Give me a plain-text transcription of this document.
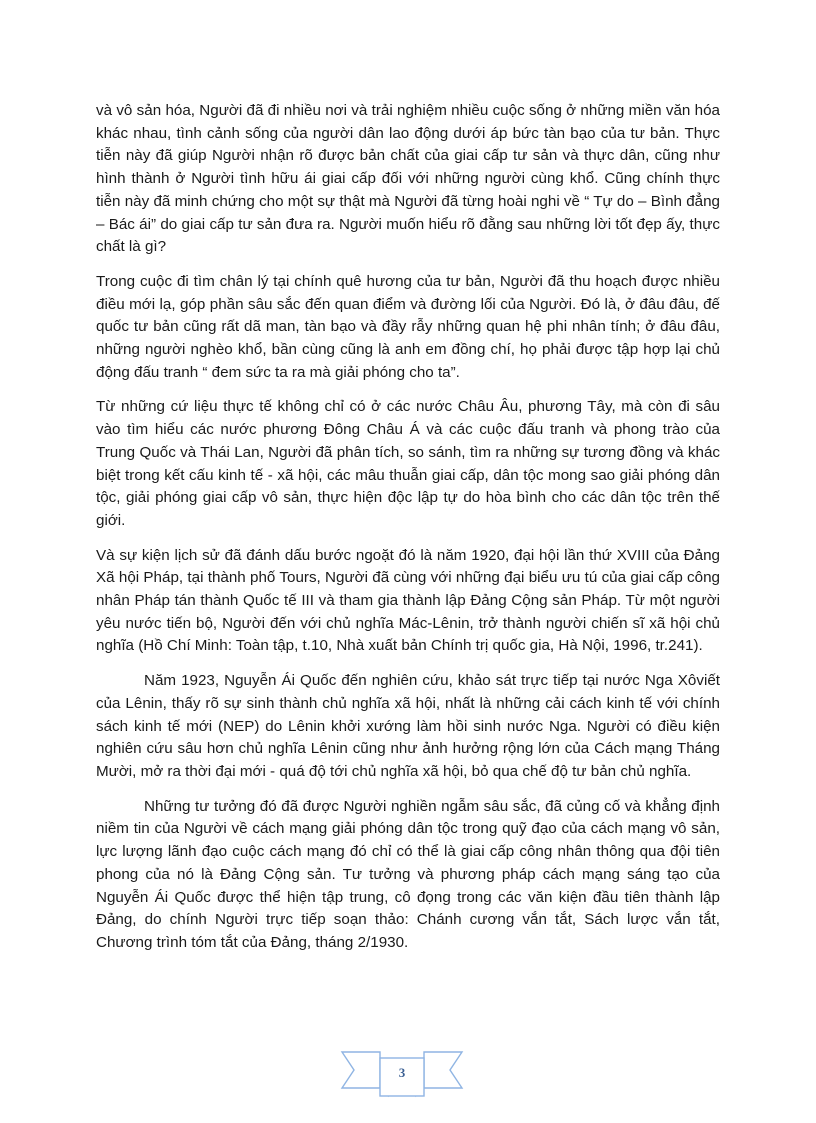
và vô sản hóa, Người đã đi nhiều nơi và trải nghiệm nhiều cuộc sống ở những miền văn hóa khác nhau, tình cảnh sống của người dân lao động dưới áp bức tàn bạo của tư bản. Thực tiễn này đã giúp Người nhận rõ được bản chất của giai cấp tư sản và thực dân, cũng như hình thành ở Người tình hữu ái giai cấp đối với những người cùng khổ. Cũng chính thực tiễn này đã minh chứng cho một sự thật mà Người đã từng hoài nghi về “ Tự do – Bình đẳng – Bác ái” do giai cấp tư sản đưa ra. Người muốn hiểu rõ đằng sau những lời tốt đẹp ấy, thực chất là gì?

Trong cuộc đi tìm chân lý tại chính quê hương của tư bản, Người đã thu hoạch được nhiều điều mới lạ, góp phần sâu sắc đến quan điểm và đường lối của Người. Đó là, ở đâu đâu, đế quốc tư bản cũng rất dã man, tàn bạo và đầy rẫy những quan hệ phi nhân tính; ở đâu đâu, những người nghèo khổ, bần cùng cũng là anh em đồng chí, họ phải được tập hợp lại chủ động đấu tranh “ đem sức ta ra mà giải phóng cho ta”.

Từ những cứ liệu thực tế không chỉ có ở các nước Châu Âu, phương Tây, mà còn đi sâu vào tìm hiểu các nước phương Đông Châu Á và các cuộc đấu tranh và phong trào của Trung Quốc và Thái Lan, Người đã phân tích, so sánh, tìm ra những sự tương đồng và khác biệt trong kết cấu kinh tế - xã hội, các mâu thuẫn giai cấp, dân tộc mong sao giải phóng dân tộc, giải phóng giai cấp vô sản, thực hiện độc lập tự do hòa bình cho các dân tộc trên thế giới.

Và sự kiện lịch sử đã đánh dấu bước ngoặt đó là năm 1920, đại hội lần thứ XVIII của Đảng Xã hội Pháp, tại thành phố Tours, Người đã cùng với những đại biểu ưu tú của giai cấp công nhân Pháp tán thành Quốc tế III và tham gia thành lập Đảng Cộng sản Pháp. Từ một người yêu nước tiến bộ, Người đến với chủ nghĩa Mác-Lênin, trở thành người chiến sĩ xã hội chủ nghĩa (Hồ Chí Minh: Toàn tập, t.10, Nhà xuất bản Chính trị quốc gia, Hà Nội, 1996, tr.241).

Năm 1923, Nguyễn Ái Quốc đến nghiên cứu, khảo sát trực tiếp tại nước Nga Xôviết của Lênin, thấy rõ sự sinh thành chủ nghĩa xã hội, nhất là những cải cách kinh tế với chính sách kinh tế mới (NEP) do Lênin khởi xướng làm hồi sinh nước Nga. Người có điều kiện nghiên cứu sâu hơn chủ nghĩa Lênin cũng như ảnh hưởng rộng lớn của Cách mạng Tháng Mười, mở ra thời đại mới - quá độ tới chủ nghĩa xã hội, bỏ qua chế độ tư bản chủ nghĩa.

Những tư tưởng đó đã được Người nghiền ngẫm sâu sắc, đã củng cố và khẳng định niềm tin của Người về cách mạng giải phóng dân tộc trong quỹ đạo của cách mạng vô sản, lực lượng lãnh đạo cuộc cách mạng đó chỉ có thể là giai cấp công nhân thông qua đội tiên phong của nó là Đảng Cộng sản. Tư tưởng và phương pháp cách mạng sáng tạo của Nguyễn Ái Quốc được thể hiện tập trung, cô đọng trong các văn kiện đầu tiên thành lập Đảng, do chính Người trực tiếp soạn thảo: Chánh cương vắn tắt, Sách lược vắn tắt, Chương trình tóm tắt của Đảng, tháng 2/1930.

3
